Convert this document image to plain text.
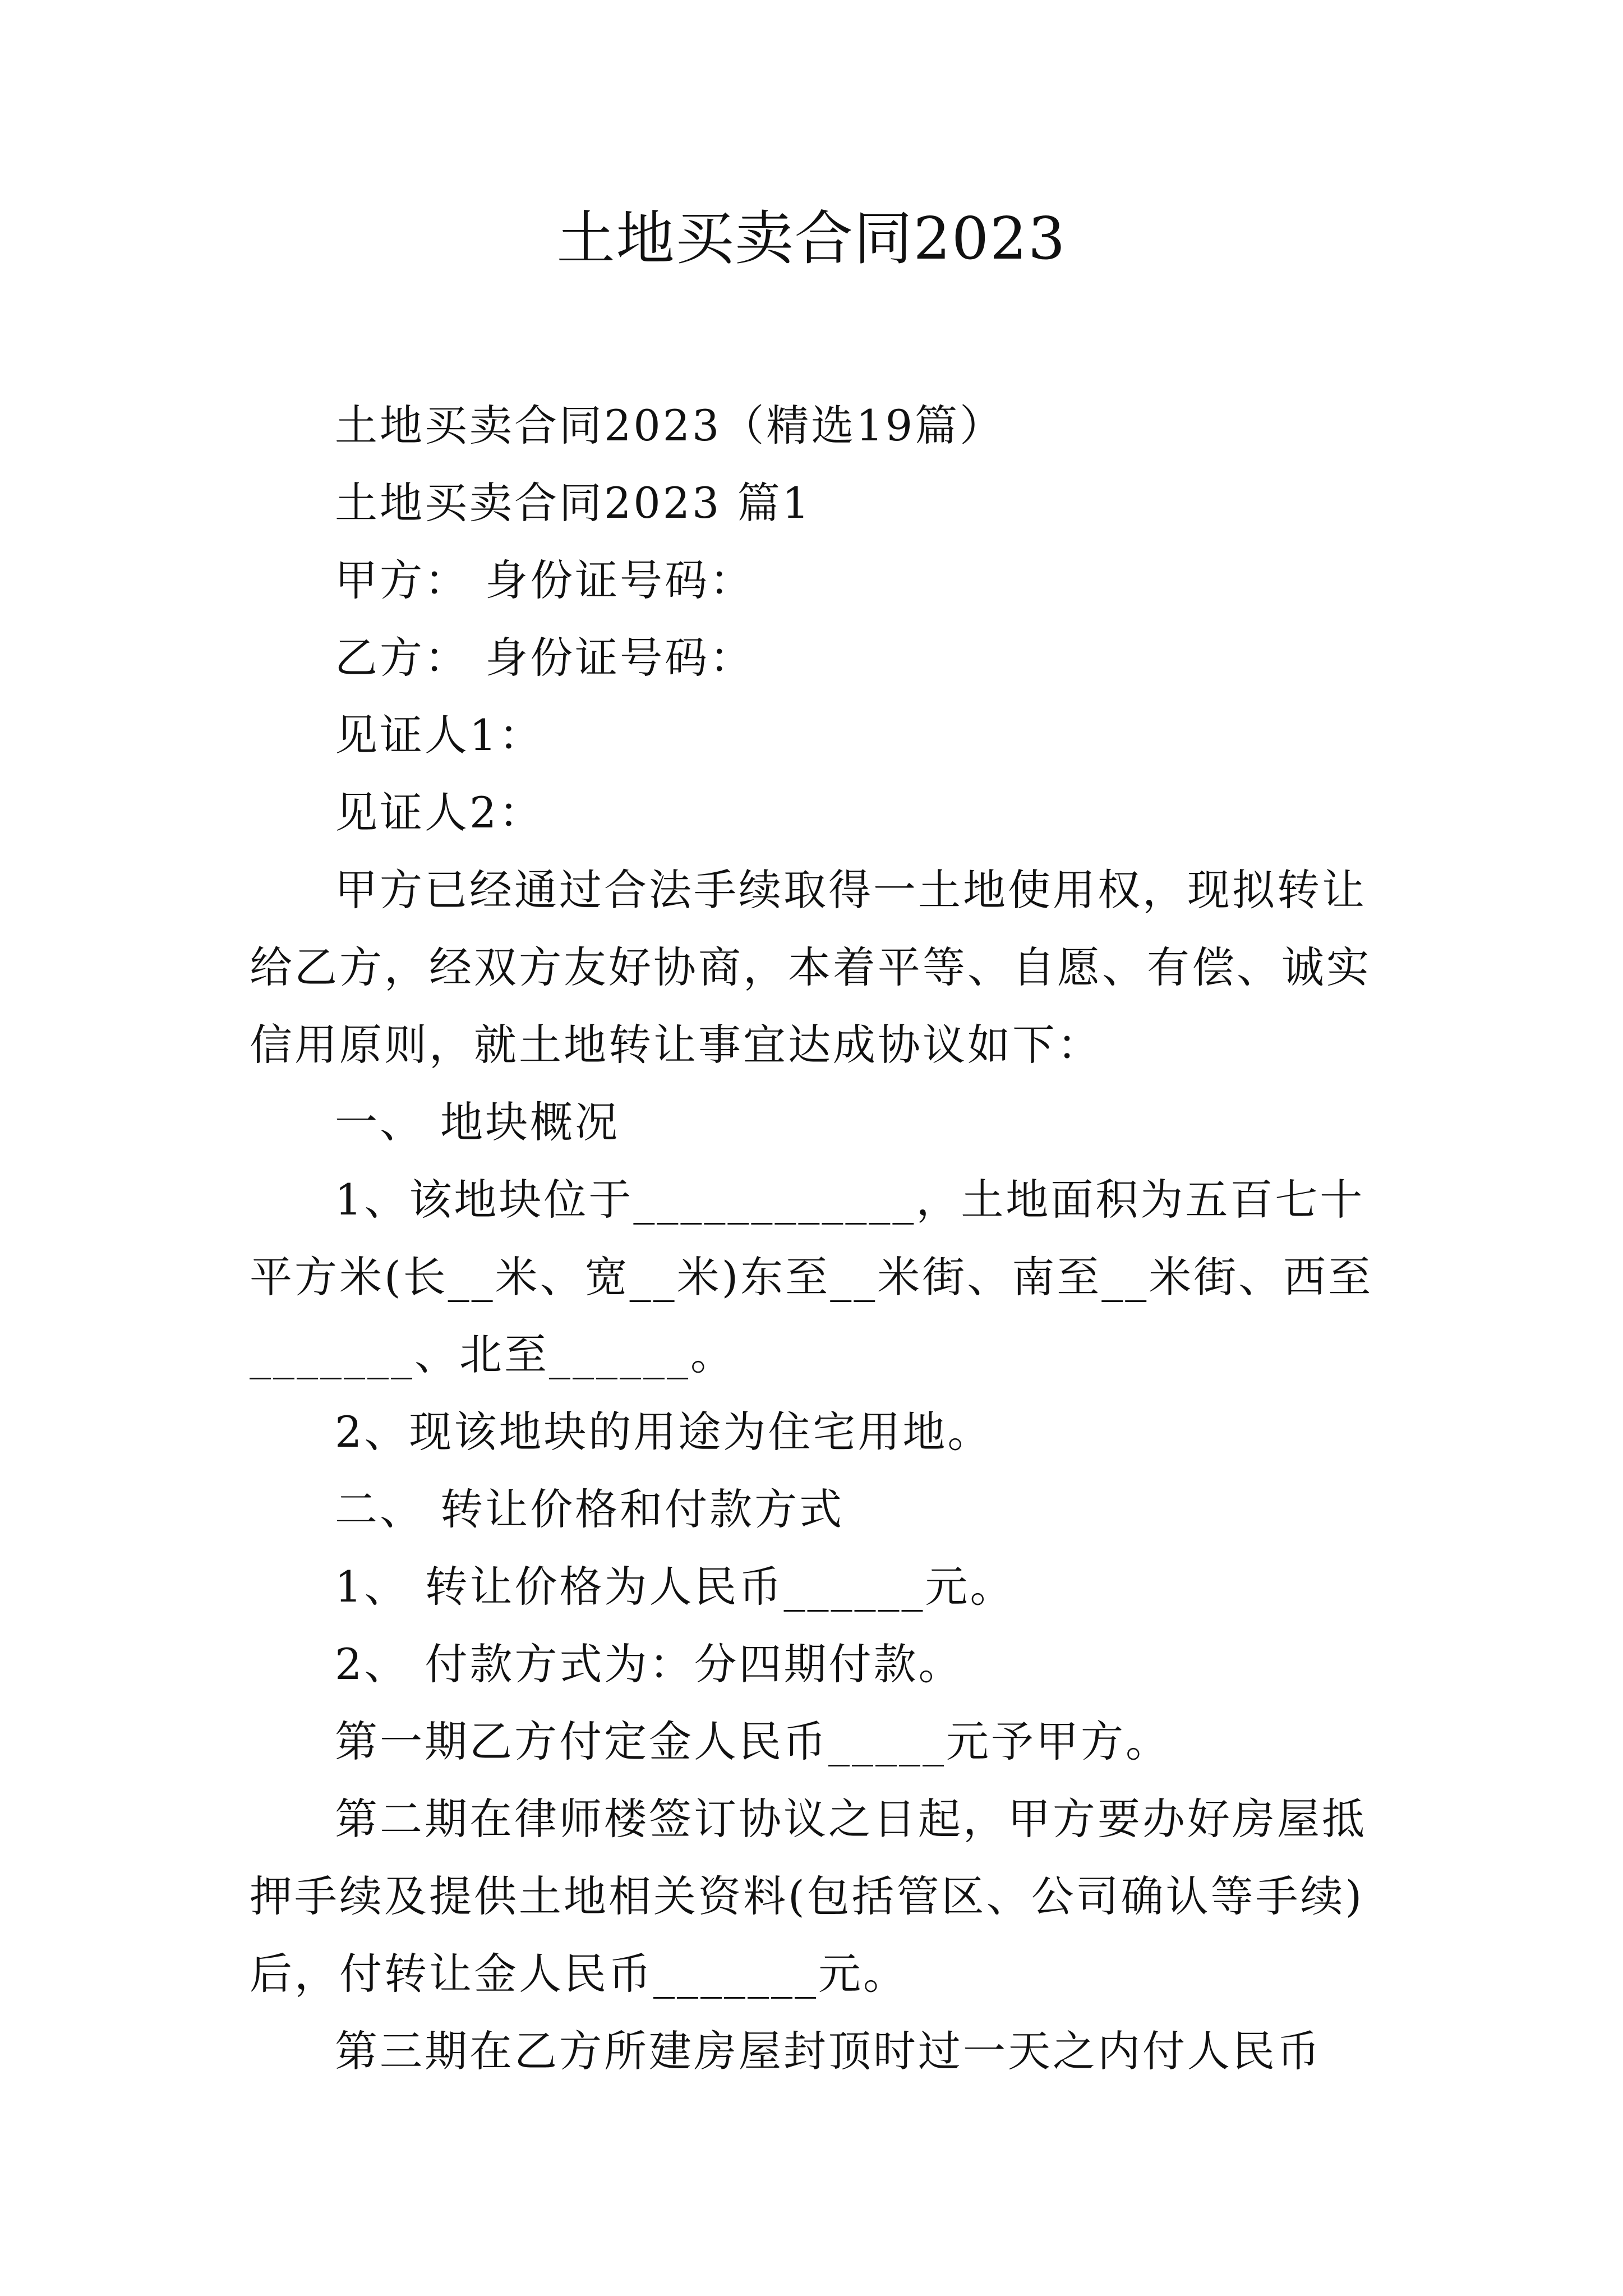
土地买卖合同2023

土地买卖合同2023（精选19篇）

土地买卖合同2023 篇1

甲方： 身份证号码：

乙方： 身份证号码：

见证人1：

见证人2：

甲方已经通过合法手续取得一土地使用权，现拟转让给乙方，经双方友好协商，本着平等、自愿、有偿、诚实信用原则，就土地转让事宜达成协议如下：

一、 地块概况

1、该地块位于____________，土地面积为五百七十平方米(长__米、宽__米)东至__米街、南至__米街、西至_______、北至______。

2、现该地块的用途为住宅用地。

二、 转让价格和付款方式

1、 转让价格为人民币______元。

2、 付款方式为：分四期付款。

第一期乙方付定金人民币_____元予甲方。

第二期在律师楼签订协议之日起，甲方要办好房屋抵押手续及提供土地相关资料(包括管区、公司确认等手续)后，付转让金人民币_______元。

第三期在乙方所建房屋封顶时过一天之内付人民币
